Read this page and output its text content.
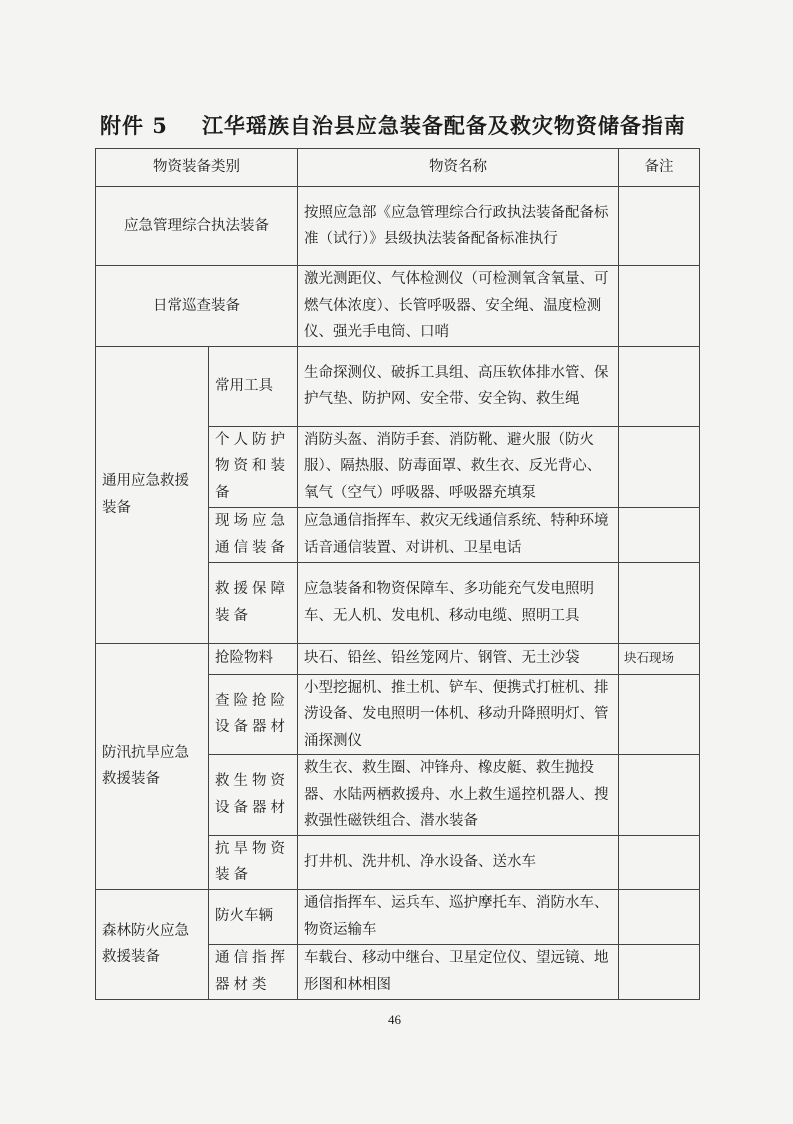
附件 5 江华瑶族自治县应急装备配备及救灾物资储备指南
物资装备类别		物资名称	备注
应急管理综合执法装备		按照应急部《应急管理综合行政执法装备配备标准（试行）》县级执法装备配备标准执行	
日常巡查装备		激光测距仪、气体检测仪（可检测氧含氧量、可燃气体浓度）、长管呼吸器、安全绳、温度检测仪、强光手电筒、口哨	
通用应急救援装备	常用工具	生命探测仪、破拆工具组、高压软体排水管、保护气垫、防护网、安全带、安全钩、救生绳	
	个人防护物资和装备	消防头盔、消防手套、消防靴、避火服（防火服）、隔热服、防毒面罩、救生衣、反光背心、氧气（空气）呼吸器、呼吸器充填泵	
	现场应急通信装备	应急通信指挥车、救灾无线通信系统、特种环境话音通信装置、对讲机、卫星电话	
	救援保障装备	应急装备和物资保障车、多功能充气发电照明车、无人机、发电机、移动电缆、照明工具	
防汛抗旱应急救援装备	抢险物料	块石、铅丝、铅丝笼网片、钢管、无土沙袋	块石现场
	查险抢险设备器材	小型挖掘机、推土机、铲车、便携式打桩机、排涝设备、发电照明一体机、移动升降照明灯、管涌探测仪	
	救生物资设备器材	救生衣、救生圈、冲锋舟、橡皮艇、救生抛投器、水陆两栖救援舟、水上救生遥控机器人、搜救强性磁铁组合、潜水装备	
	抗旱物资装备	打井机、洗井机、净水设备、送水车	
森林防火应急救援装备	防火车辆	通信指挥车、运兵车、巡护摩托车、消防水车、物资运输车	
	通信指挥器材类	车载台、移动中继台、卫星定位仪、望远镜、地形图和林相图	
46
